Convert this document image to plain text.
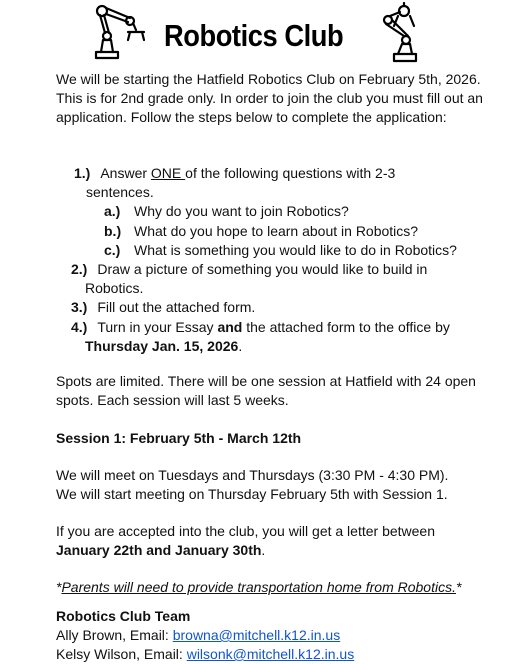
Robotics Club
We will be starting the Hatfield Robotics Club on February 5th, 2026. This is for 2nd grade only. In order to join the club you must fill out an application. Follow the steps below to complete the application:
1.) Answer ONE of the following questions with 2-3
sentences.
a.) Why do you want to join Robotics?
b.) What do you hope to learn about in Robotics?
c.) What is something you would like to do in Robotics?
2.) Draw a picture of something you would like to build in
Robotics.
3.) Fill out the attached form.
4.) Turn in your Essay and the attached form to the office by
Thursday Jan. 15, 2026.
Spots are limited. There will be one session at Hatfield with 24 open spots. Each session will last 5 weeks.
Session 1: February 5th - March 12th
We will meet on Tuesdays and Thursdays (3:30 PM - 4:30 PM).
We will start meeting on Thursday February 5th with Session 1.
If you are accepted into the club, you will get a letter between
January 22th and January 30th.
*Parents will need to provide transportation home from Robotics.*
Robotics Club Team
Ally Brown, Email: browna@mitchell.k12.in.us
Kelsy Wilson, Email: wilsonk@mitchell.k12.in.us
